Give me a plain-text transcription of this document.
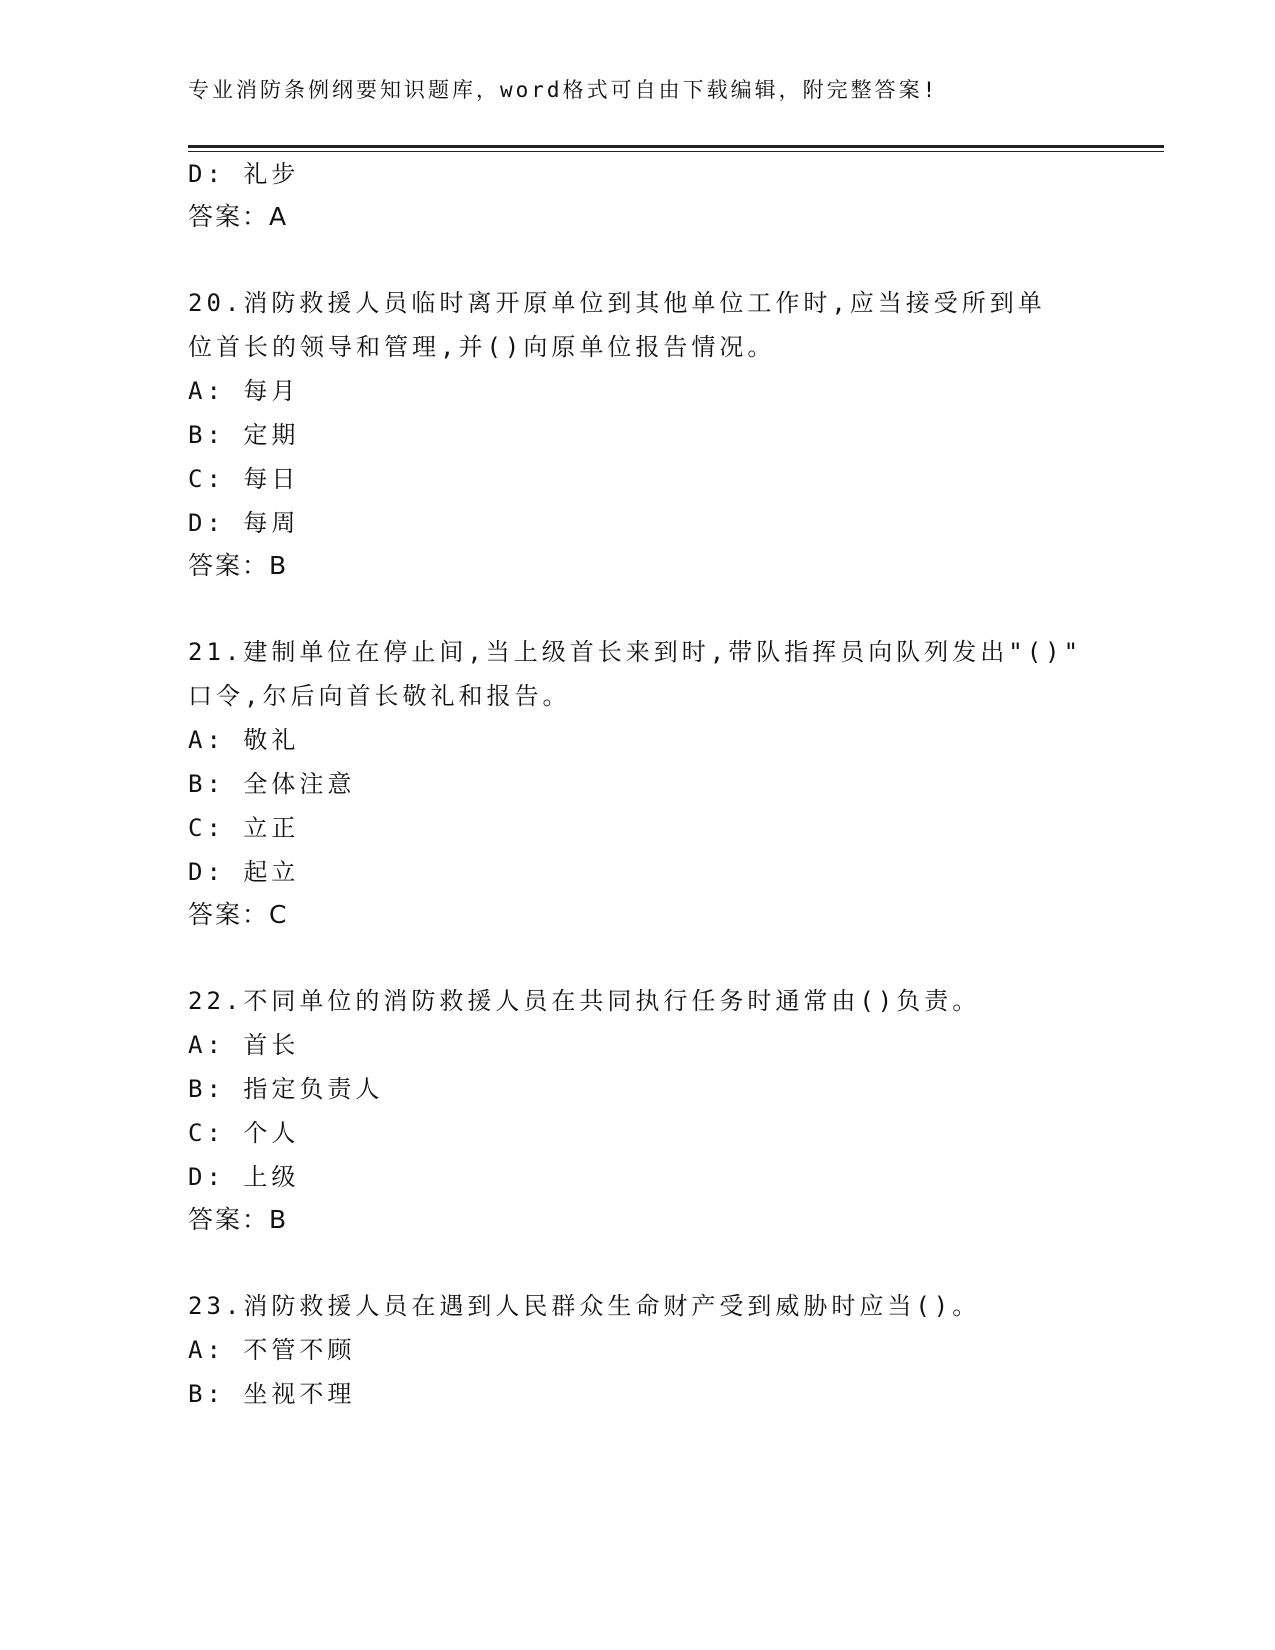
专业消防条例纲要知识题库，word格式可自由下载编辑，附完整答案!
D: 礼步
答案：A
20.消防救援人员临时离开原单位到其他单位工作时,应当接受所到单
位首长的领导和管理,并()向原单位报告情况。
A: 每月
B: 定期
C: 每日
D: 每周
答案：B
21.建制单位在停止间,当上级首长来到时,带队指挥员向队列发出"()"
口令,尔后向首长敬礼和报告。
A: 敬礼
B: 全体注意
C: 立正
D: 起立
答案：C
22.不同单位的消防救援人员在共同执行任务时通常由()负责。
A: 首长
B: 指定负责人
C: 个人
D: 上级
答案：B
23.消防救援人员在遇到人民群众生命财产受到威胁时应当()。
A: 不管不顾
B: 坐视不理
